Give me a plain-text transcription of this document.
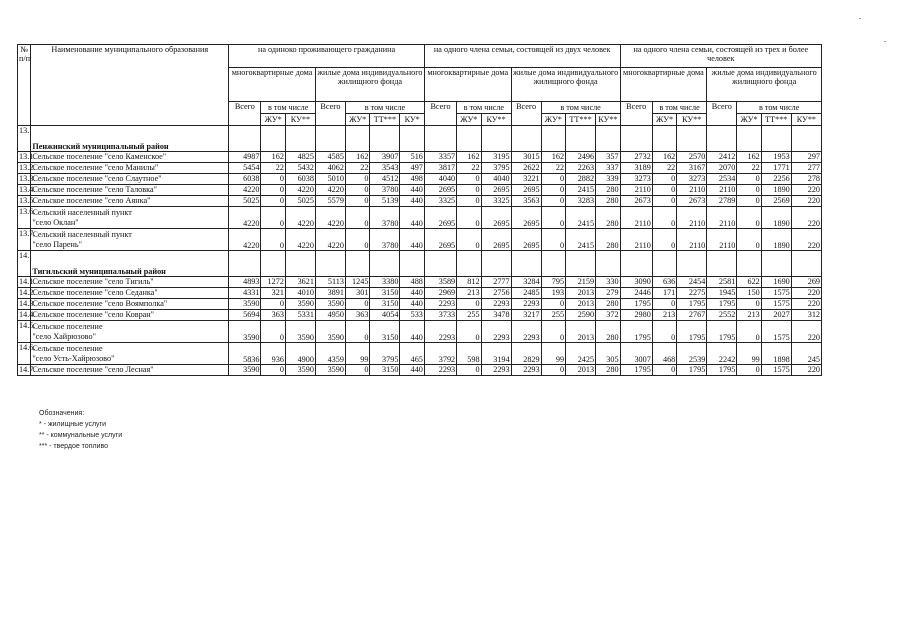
№
п/п	Наименование муниципального образования	на одиноко проживающего гражданина							на одного члена семьи, состоящей из двух человек							на одного члена семьи, состоящей из трех и более человек						
		многоквартирные дома			жилые дома индивидуального жилищного фонда				многоквартирные дома			жилые дома индивидуального жилищного фонда				многоквартирные дома			жилые дома индивидуального жилищного фонда			
		Всего	в том числе		Всего	в том числе			Всего	в том числе		Всего	в том числе			Всего	в том числе		Всего	в том числе		
			ЖУ*	КУ**		ЖУ*	ТТ***	КУ*		ЖУ*	КУ**		ЖУ*	ТТ***	КУ**		ЖУ*	КУ**		ЖУ*	ТТ***	КУ**
13.	Пенжинский муниципальный район																					
13.1.	Сельское поселение "село Каменское"	4987	162	4825	4585	162	3907	516	3357	162	3195	3015	162	2496	357	2732	162	2570	2412	162	1953	297
13.2.	Сельское поселение "село Манилы"	5454	22	5432	4062	22	3543	497	3817	22	3795	2622	22	2263	337	3189	22	3167	2070	22	1771	277
13.3.	Сельское поселение "село Слаутное"	6038	0	6038	5010	0	4512	498	4040	0	4040	3221	0	2882	339	3273	0	3273	2534	0	2256	278
13.4.	Сельское поселение "село Таловка"	4220	0	4220	4220	0	3780	440	2695	0	2695	2695	0	2415	280	2110	0	2110	2110	0	1890	220
13.5.	Сельское поселение "село Аянка"	5025	0	5025	5579	0	5139	440	3325	0	3325	3563	0	3283	280	2673	0	2673	2789	0	2569	220
13.6.	Сельский населенный пункт
"село Оклан"	4220	0	4220	4220	0	3780	440	2695	0	2695	2695	0	2415	280	2110	0	2110	2110	0	1890	220
13.7.	Сельский населенный пункт
"село Парень"	4220	0	4220	4220	0	3780	440	2695	0	2695	2695	0	2415	280	2110	0	2110	2110	0	1890	220
14.	Тигильский муниципальный район																					
14.1.	Сельское поселение "село Тигиль"	4893	1272	3621	5113	1245	3380	488	3589	812	2777	3284	795	2159	330	3090	636	2454	2581	622	1690	269
14.2.	Сельское поселение "село Седанка"	4331	321	4010	3891	301	3150	440	2969	213	2756	2485	193	2013	279	2446	171	2275	1945	150	1575	220
14.3.	Сельское поселение "село Воямполка"	3590	0	3590	3590	0	3150	440	2293	0	2293	2293	0	2013	280	1795	0	1795	1795	0	1575	220
14.4.	Сельское поселение "село Ковран"	5694	363	5331	4950	363	4054	533	3733	255	3478	3217	255	2590	372	2980	213	2767	2552	213	2027	312
14.5.	Сельское поселение
"село Хайрюзово"	3590	0	3590	3590	0	3150	440	2293	0	2293	2293	0	2013	280	1795	0	1795	1795	0	1575	220
14.6.	Сельское поселение
"село Усть-Хайрюзово"	5836	936	4900	4359	99	3795	465	3792	598	3194	2829	99	2425	305	3007	468	2539	2242	99	1898	245
14.7.	Сельское поселение "село Лесная"	3590	0	3590	3590	0	3150	440	2293	0	2293	2293	0	2013	280	1795	0	1795	1795	0	1575	220
Обозначения:
* - жилищные услуги
** - коммунальные услуги
*** - твердое топливо
